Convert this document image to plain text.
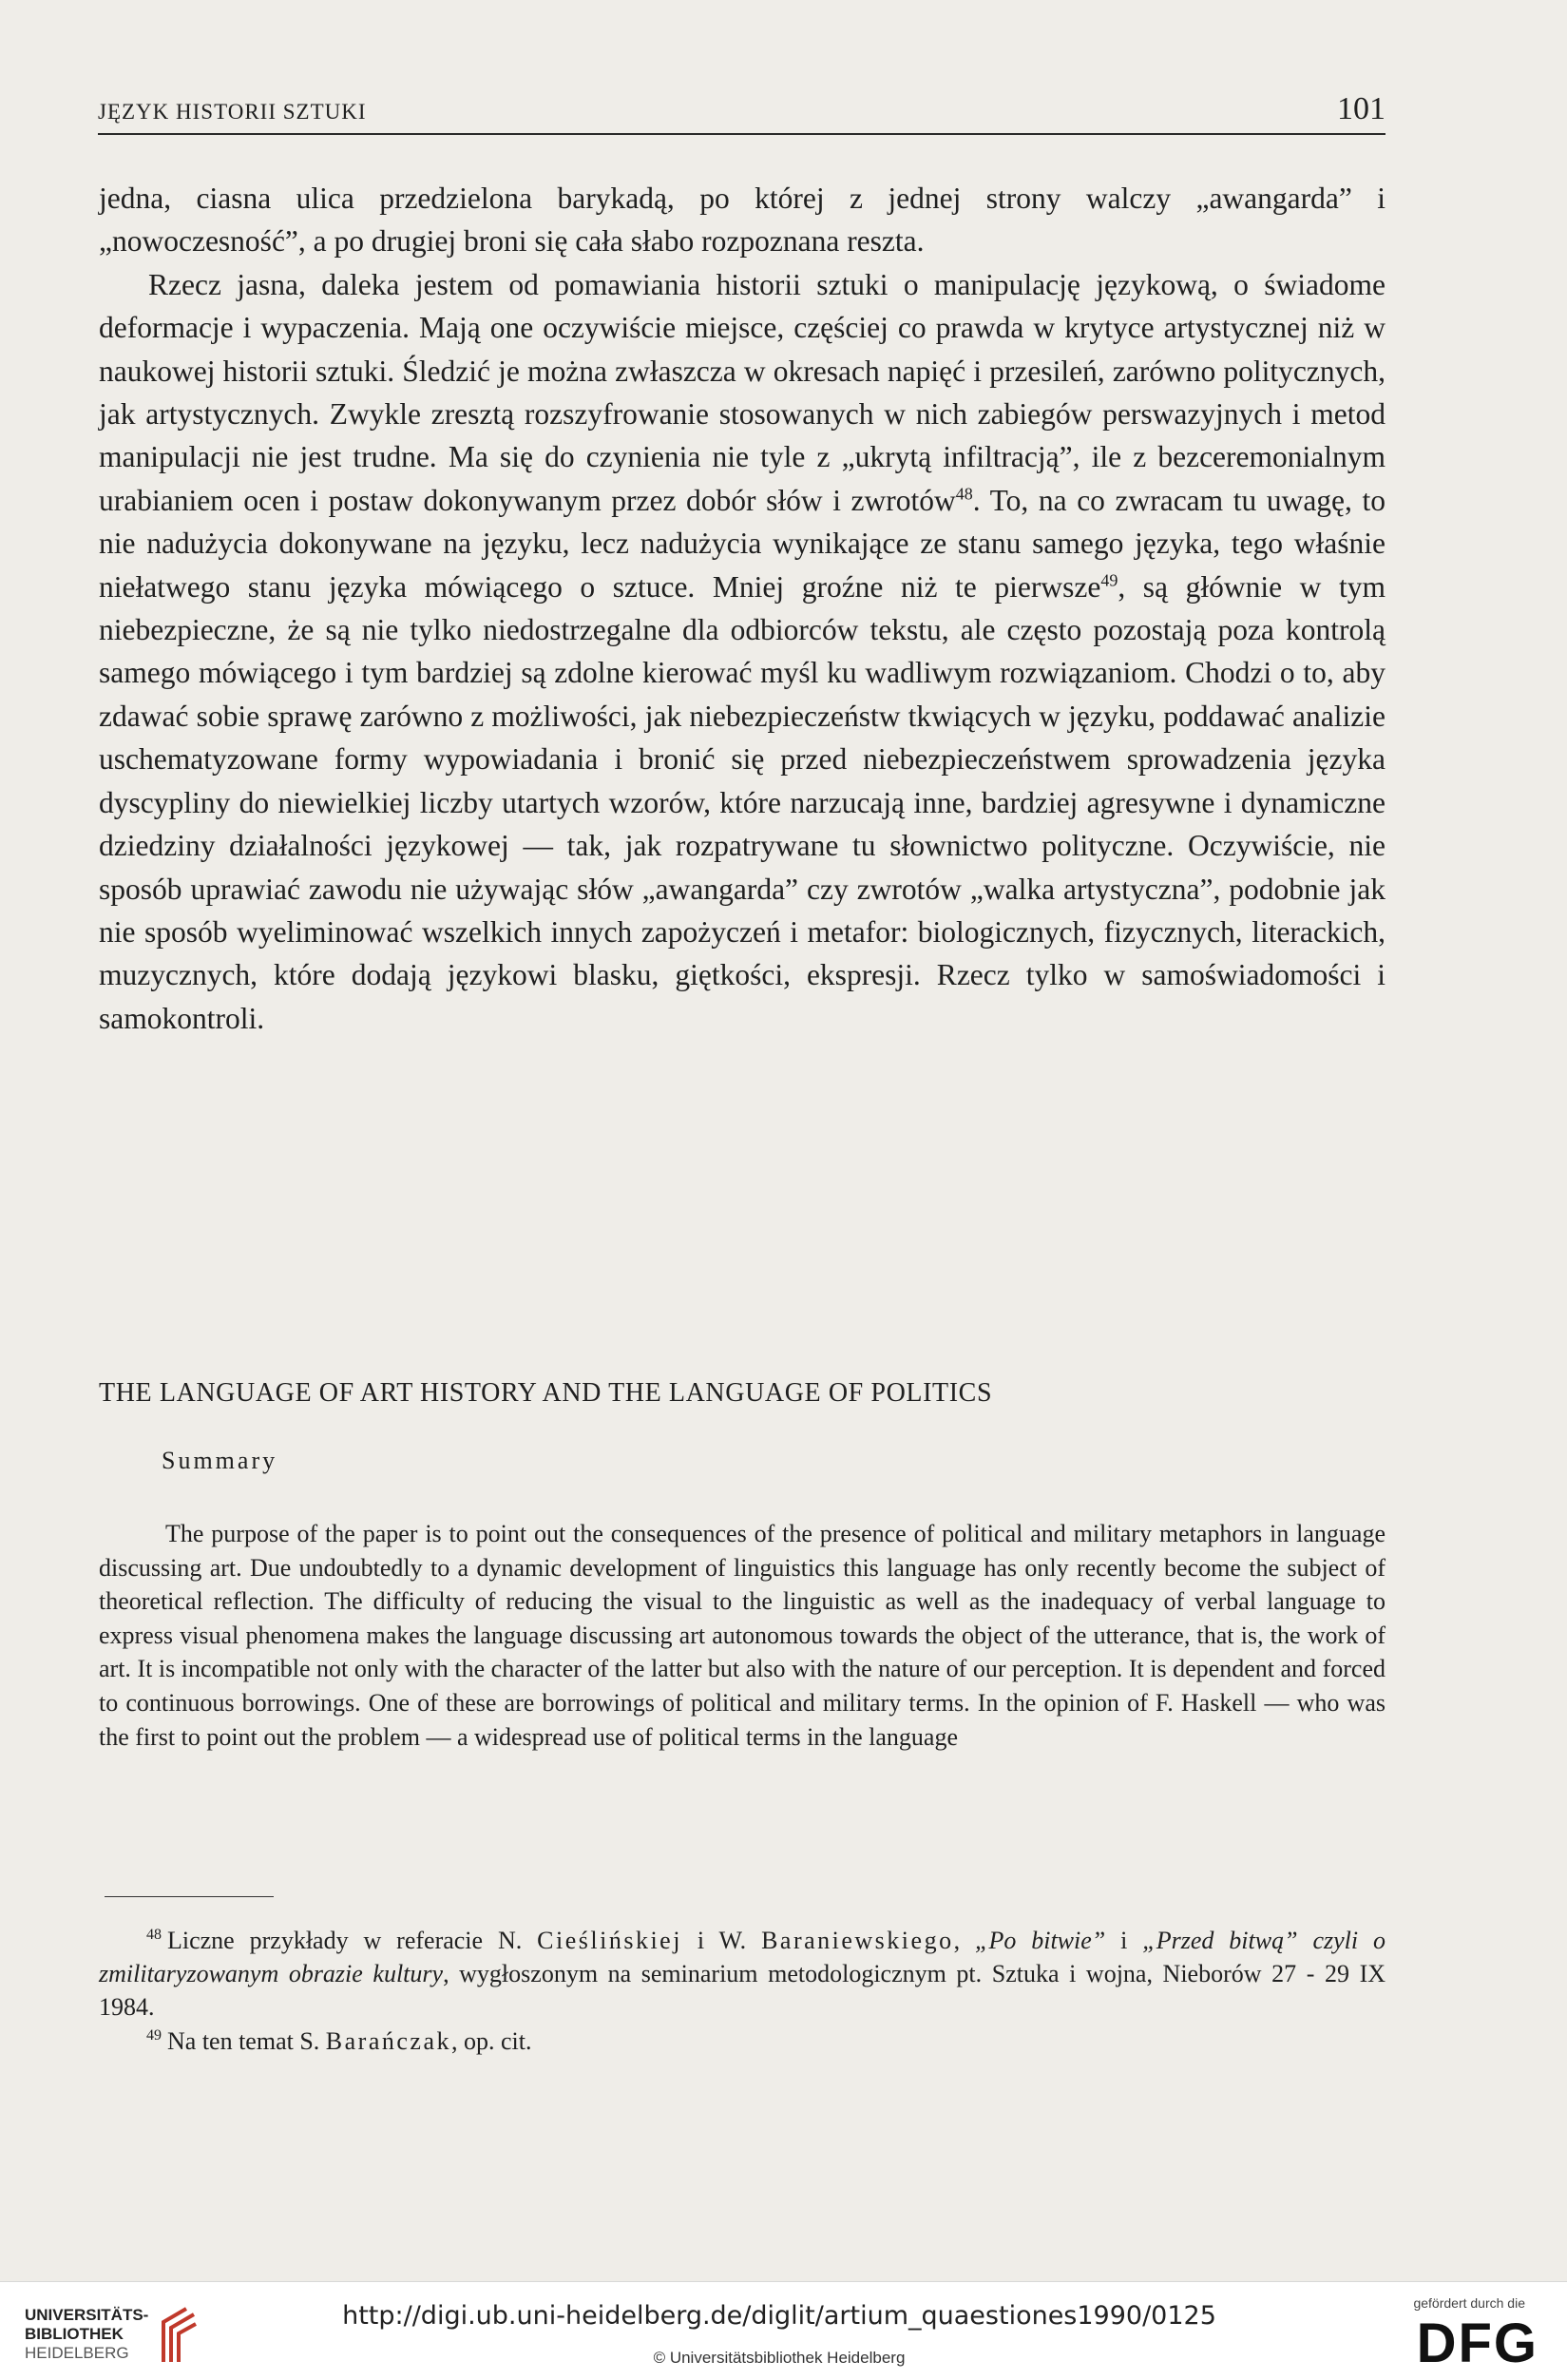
JĘZYK HISTORII SZTUKI	101

jedna, ciasna ulica przedzielona barykadą, po której z jednej strony walczy „awangarda” i „nowoczesność”, a po drugiej broni się cała słabo rozpoznana reszta.

Rzecz jasna, daleka jestem od pomawiania historii sztuki o manipulację językową, o świadome deformacje i wypaczenia. Mają one oczywiście miejsce, częściej co prawda w krytyce artystycznej niż w naukowej historii sztuki. Śledzić je można zwłaszcza w okresach napięć i przesileń, zarówno politycznych, jak artystycznych. Zwykle zresztą rozszyfrowanie stosowanych w nich zabiegów perswazyjnych i metod manipulacji nie jest trudne. Ma się do czynienia nie tyle z „ukrytą infiltracją”, ile z bezceremonialnym urabianiem ocen i postaw dokonywanym przez dobór słów i zwrotów$^{48}$. To, na co zwracam tu uwagę, to nie nadużycia dokonywane na języku, lecz nadużycia wynikające ze stanu samego języka, tego właśnie niełatwego stanu języka mówiącego o sztuce. Mniej groźne niż te pierwsze$^{49}$, są głównie w tym niebezpieczne, że są nie tylko niedostrzegalne dla odbiorców tekstu, ale często pozostają poza kontrolą samego mówiącego i tym bardziej są zdolne kierować myśl ku wadliwym rozwiązaniom. Chodzi o to, aby zdawać sobie sprawę zarówno z możliwości, jak niebezpieczeństw tkwiących w języku, poddawać analizie uschematyzowane formy wypowiadania i bronić się przed niebezpieczeństwem sprowadzenia języka dyscypliny do niewielkiej liczby utartych wzorów, które narzucają inne, bardziej agresywne i dynamiczne dziedziny działalności językowej — tak, jak rozpatrywane tu słownictwo polityczne. Oczywiście, nie sposób uprawiać zawodu nie używając słów „awangarda” czy zwrotów „walka artystyczna”, podobnie jak nie sposób wyeliminować wszelkich innych zapożyczeń i metafor: biologicznych, fizycznych, literackich, muzycznych, które dodają językowi blasku, giętkości, ekspresji. Rzecz tylko w samoświadomości i samokontroli.

THE LANGUAGE OF ART HISTORY AND THE LANGUAGE OF POLITICS
Summary

The purpose of the paper is to point out the consequences of the presence of political and military metaphors in language discussing art. Due undoubtedly to a dynamic development of linguistics this language has only recently become the subject of theoretical reflection. The difficulty of reducing the visual to the linguistic as well as the inadequacy of verbal language to express visual phenomena makes the language discussing art autonomous towards the object of the utterance, that is, the work of art. It is incompatible not only with the character of the latter but also with the nature of our perception. It is dependent and forced to continuous borrowings. One of these are borrowings of political and military terms. In the opinion of F. Haskell — who was the first to point out the problem — a widespread use of political terms in the language

$^{48}$ Liczne przykłady w referacie N. Cieślińskiej i W. Baraniewskiego, „Po bitwie” i „Przed bitwą” czyli o zmilitaryzowanym obrazie kultury, wygłoszonym na seminarium metodologicznym pt. Sztuka i wojna, Nieborów 27 - 29 IX 1984.

$^{49}$ Na ten temat S. Barańczak, op. cit.

UNIVERSITÄTS-
BIBLIOTHEK
HEIDELBERG
http://digi.ub.uni-heidelberg.de/diglit/artium_quaestiones1990/0125
© Universitätsbibliothek Heidelberg
gefördert durch die
DFG
